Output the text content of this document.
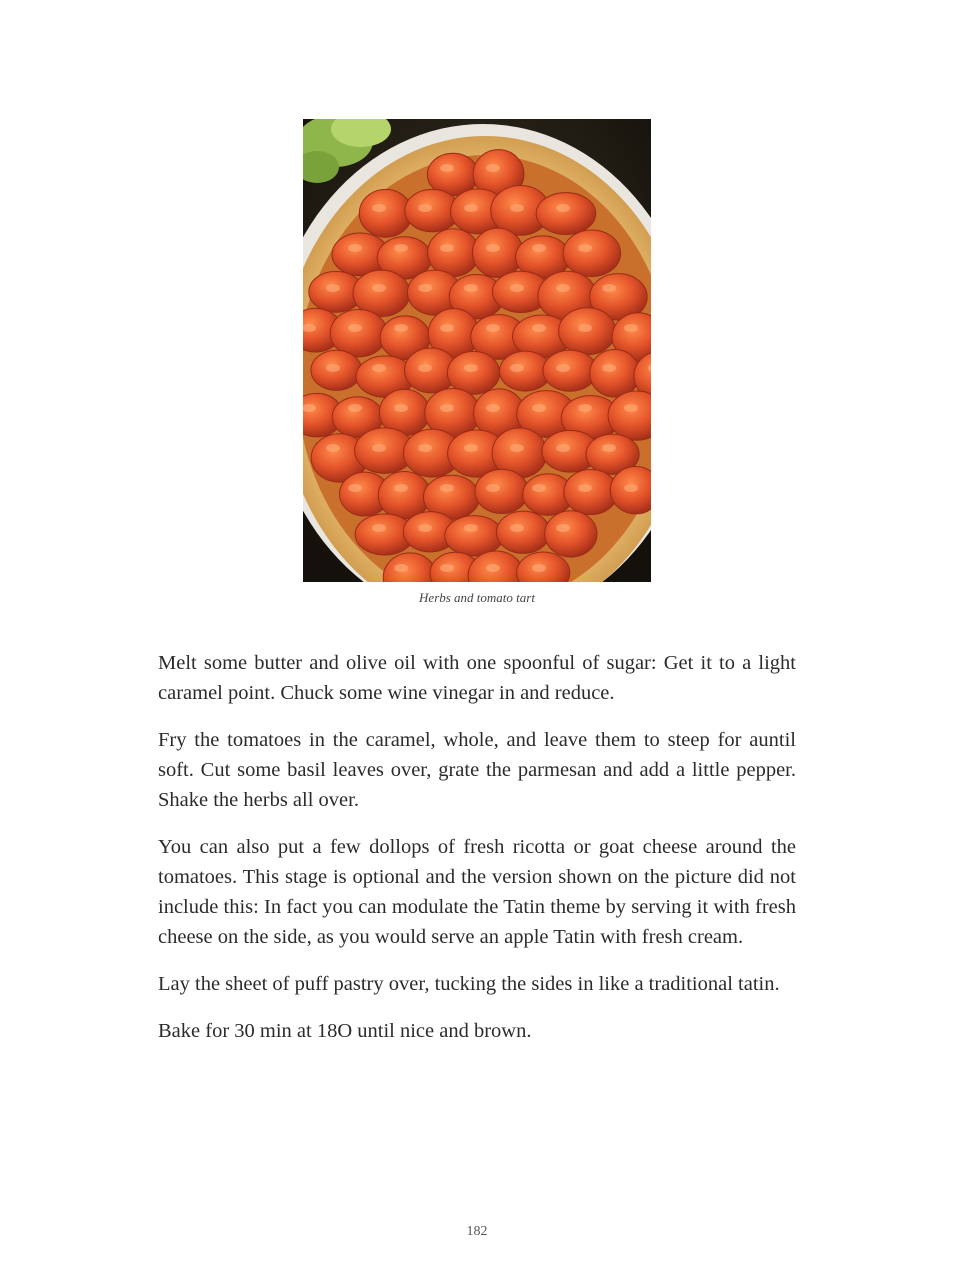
Herbs and tomato tart

Melt some butter and olive oil with one spoonful of sugar: Get it to a light caramel point. Chuck some wine vinegar in and reduce.

Fry the tomatoes in the caramel, whole, and leave them to steep for auntil soft. Cut some basil leaves over, grate the parmesan and add a little pepper. Shake the herbs all over.

You can also put a few dollops of fresh ricotta or goat cheese around the tomatoes. This stage is optional and the version shown on the picture did not include this: In fact you can modulate the Tatin theme by serving it with fresh cheese on the side, as you would serve an apple Tatin with fresh cream.

Lay the sheet of puff pastry over, tucking the sides in like a traditional tatin.

Bake for 30 min at 18O until nice and brown.

182
